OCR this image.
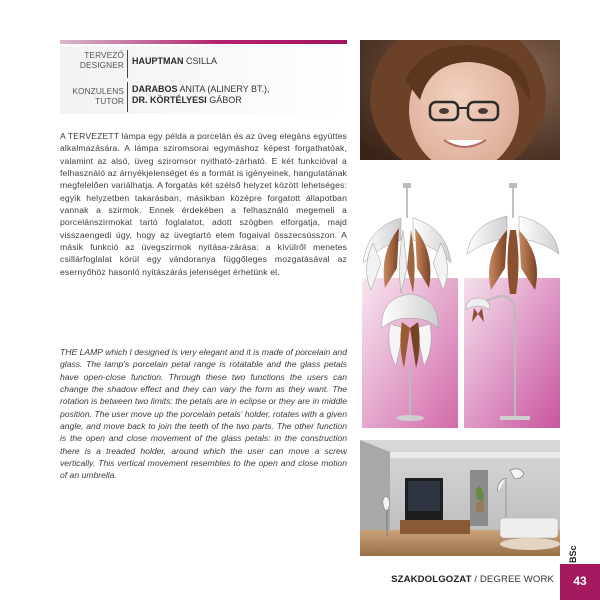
TERVEZŐ
DESIGNER HAUPTMAN CSILLA
KONZULENS
TUTOR
DARABOS ANITA (ALINERY BT.),
DR. KÖRTÉLYESI GÁBOR

A TERVEZETT lámpa egy példa a porcelán és az üveg elegáns együttes alkalmazására. A lámpa sziromsorai egymáshoz képest forgathatóak, valamint az alsó, üveg sziromsor nyitható-zárható. E két funkcióval a felhasználó az árnyékjelenséget és a formát is igényeinek, hangulatának megfelelően variálhatja. A forgatás két szélső helyzet között lehetséges: egyik helyzetben takarásban, másikban középre forgatott állapotban vannak a szirmok. Ennek érdekében a felhasználó megemeli a porcelánszirmokat tartó foglalatot, adott szögben elforgatja, majd visszaengedi úgy, hogy az üvegtartó elem fogaival összecsússzon. A másik funkció az üvegszirmok nyitása-zárása: a kívülről menetes csillárfoglalat körül egy vándoranya függőleges mozgatásával az esernyőhöz hasonló nyitászárás jelenséget érhetünk el.

THE LAMP which I designed is very elegant and it is made of porcelain and glass. The lamp's porcelain petal range is rotatable and the glass petals have open-close function. Through these two functions the users can change the shadow effect and they can vary the form as they want. The rotation is between two limits: the petals are in eclipse or they are in middle position. The user move up the porcelain petals' holder, rotates with a given angle, and move back to join the teeth of the two parts. The other function is the open and close movement of the glass petals: in the construction there is a treaded holder, around which the user can move a screw vertically. This vertical movement resembles to the open and close motion of an umbrella.

BSc
SZAKDOLGOZAT / DEGREE WORK	43
